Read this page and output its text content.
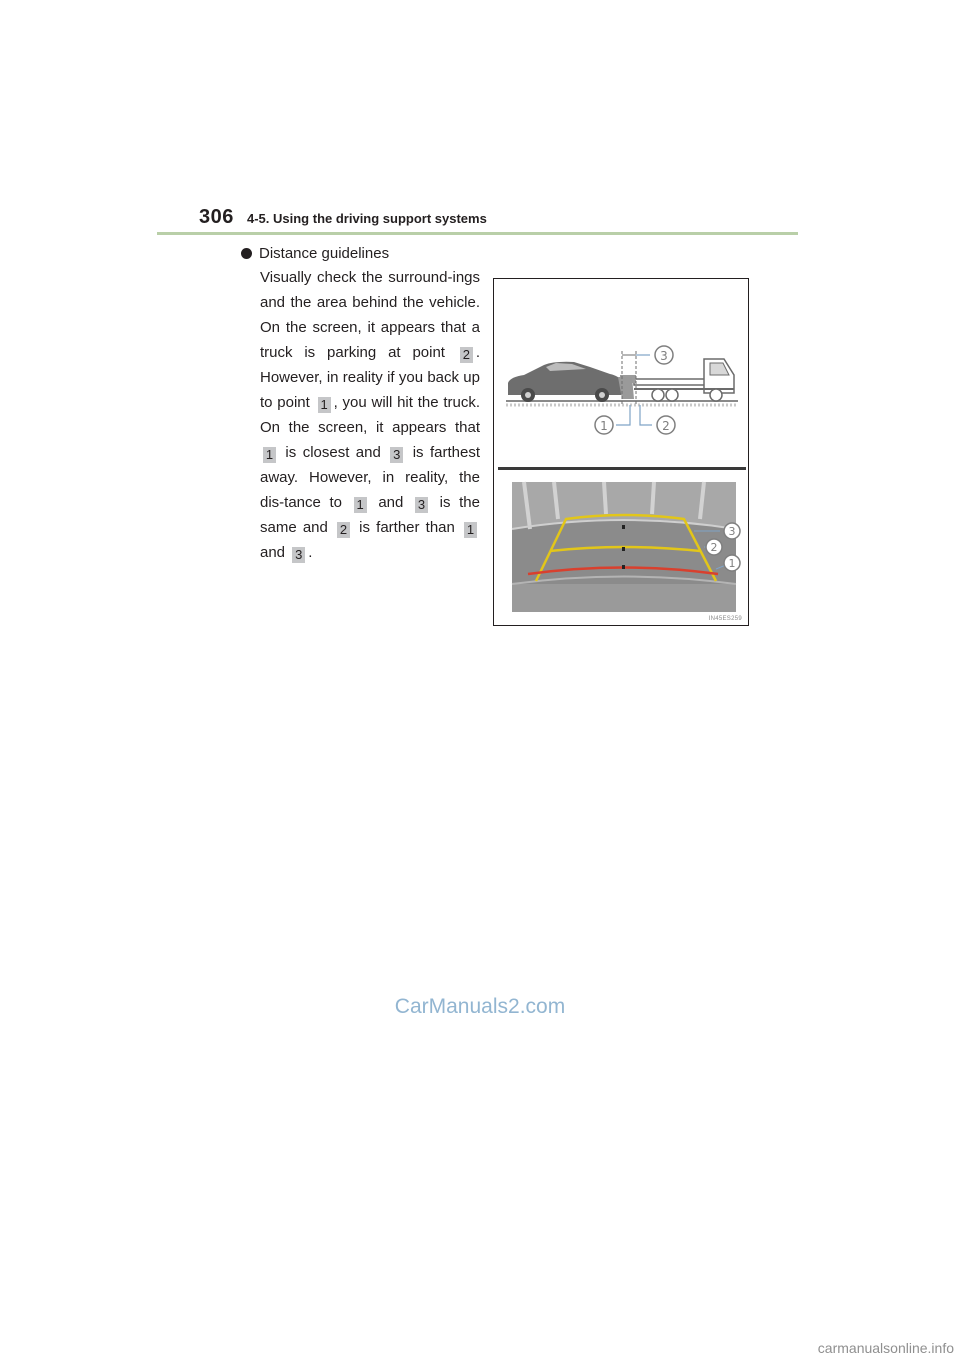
306 4-5. Using the driving support systems
Distance guidelines
Visually check the surround-ings and the area behind the vehicle. On the screen, it appears that a truck is parking at point 2 . However, in reality if you back up to point 1 , you will hit the truck. On the screen, it appears that 1 is closest and 3 is farthest away. However, in reality, the dis-tance to 1 and 3 is the same and 2 is farther than 1 and 3 .
1	2
3
3
2
1
IN45ES259
CarManuals2.com
carmanualsonline.info
